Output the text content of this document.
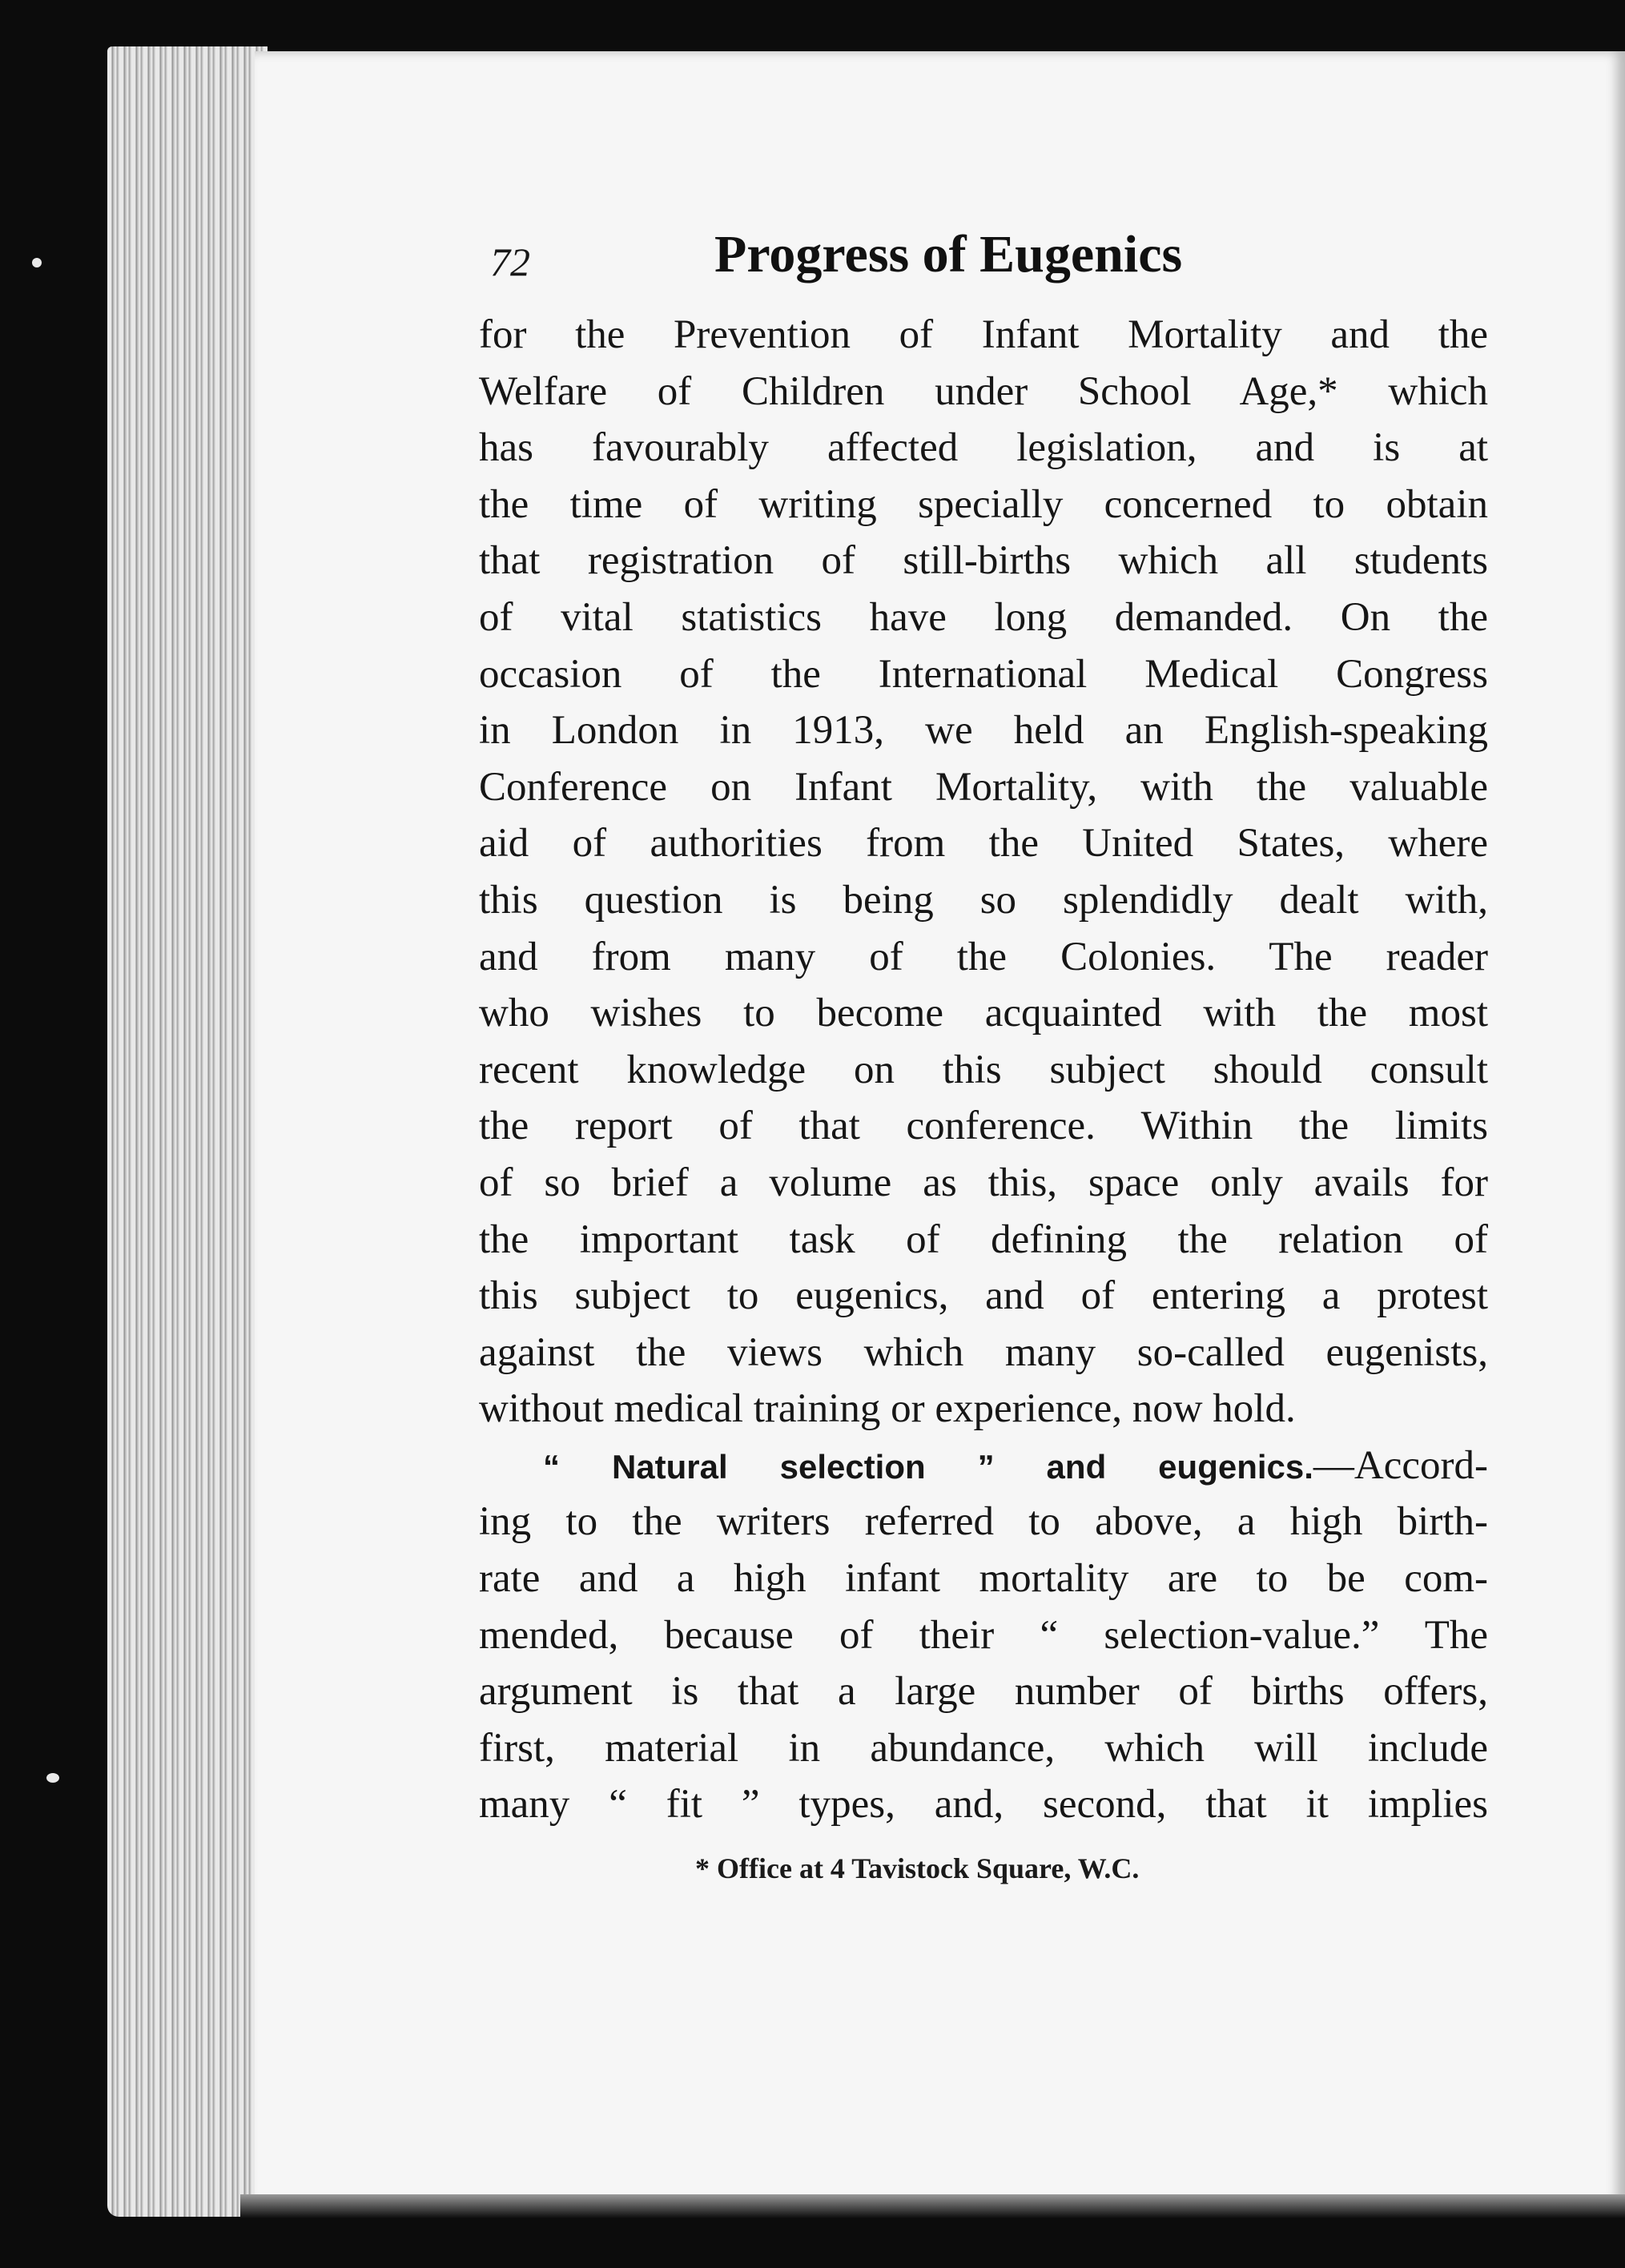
72	Progress of Eugenics
for the Prevention of Infant Mortality and the
Welfare of Children under School Age,* which
has favourably affected legislation, and is at
the time of writing specially concerned to obtain
that registration of still-births which all students
of vital statistics have long demanded. On the
occasion of the International Medical Congress
in London in 1913, we held an English-speaking
Conference on Infant Mortality, with the valuable
aid of authorities from the United States, where
this question is being so splendidly dealt with,
and from many of the Colonies. The reader
who wishes to become acquainted with the most
recent knowledge on this subject should consult
the report of that conference. Within the limits
of so brief a volume as this, space only avails for
the important task of defining the relation of
this subject to eugenics, and of entering a protest
against the views which many so-called eugenists,
without medical training or experience, now hold.
“ Natural selection ” and eugenics.—Accord-
ing to the writers referred to above, a high birth-
rate and a high infant mortality are to be com-
mended, because of their “ selection-value.” The
argument is that a large number of births offers,
first, material in abundance, which will include
many “ fit ” types, and, second, that it implies
* Office at 4 Tavistock Square, W.C.
